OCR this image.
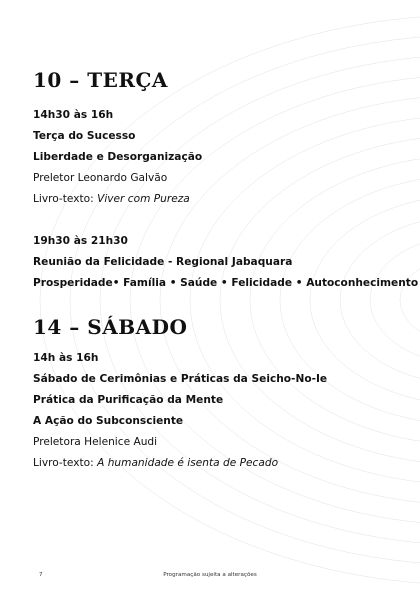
10 – TERÇA
14h30 às 16h
Terça do Sucesso
Liberdade e Desorganização
Preletor Leonardo Galvão
Livro-texto: Viver com Pureza
19h30 às 21h30
Reunião da Felicidade - Regional Jabaquara
Prosperidade• Família • Saúde • Felicidade • Autoconhecimento
14 – SÁBADO
14h às 16h
Sábado de Cerimônias e Práticas da Seicho-No-Ie
Prática da Purificação da Mente
A Ação do Subconsciente
Preletora Helenice Audi
Livro-texto: A humanidade é isenta de Pecado
7	Programação sujeita a alterações
